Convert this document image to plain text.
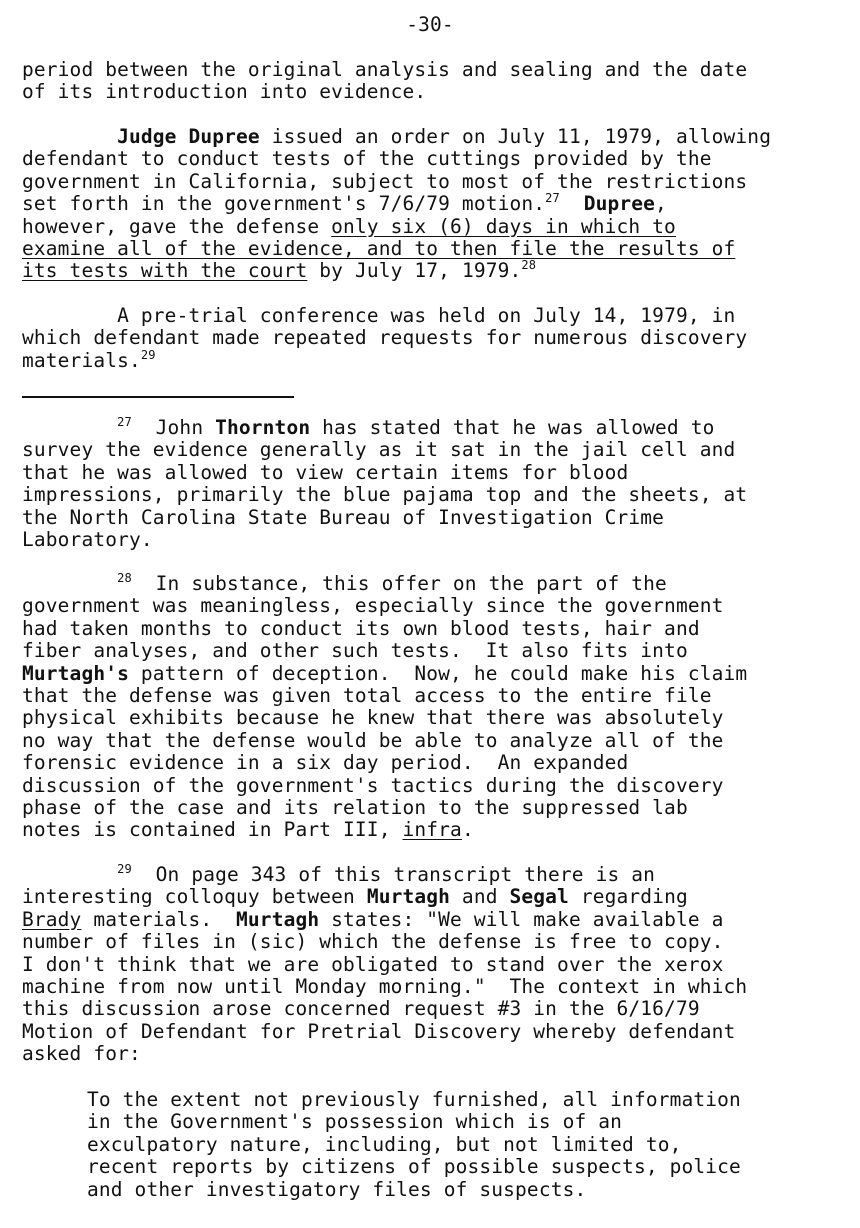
-30-
period between the original analysis and sealing and the date
of its introduction into evidence.
Judge Dupree issued an order on July 11, 1979, allowing
defendant to conduct tests of the cuttings provided by the
government in California, subject to most of the restrictions
set forth in the government's 7/6/79 motion.$^{27}$ Dupree,
however, gave the defense only six (6) days in which to
examine all of the evidence, and to then file the results of
its tests with the court by July 17, 1979.28
A pre-trial conference was held on July 14, 1979, in
which defendant made repeated requests for numerous discovery
materials.$^{29}$
$^{27}$ John Thornton has stated that he was allowed to
survey the evidence generally as it sat in the jail cell and
that he was allowed to view certain items for blood
impressions, primarily the blue pajama top and the sheets, at
the North Carolina State Bureau of Investigation Crime
Laboratory.
$^{28}$ In substance, this offer on the part of the
government was meaningless, especially since the government
had taken months to conduct its own blood tests, hair and
fiber analyses, and other such tests.  It also fits into
Murtagh's pattern of deception.  Now, he could make his claim
that the defense was given total access to the entire file
physical exhibits because he knew that there was absolutely
no way that the defense would be able to analyze all of the
forensic evidence in a six day period.  An expanded
discussion of the government's tactics during the discovery
phase of the case and its relation to the suppressed lab
notes is contained in Part III, infra.
$^{29}$ On page 343 of this transcript there is an
interesting colloquy between Murtagh and Segal regarding
Brady materials.  Murtagh states: "We will make available a
number of files in (sic) which the defense is free to copy.
I don't think that we are obligated to stand over the xerox
machine from now until Monday morning."  The context in which
this discussion arose concerned request #3 in the 6/16/79
Motion of Defendant for Pretrial Discovery whereby defendant
asked for:
To the extent not previously furnished, all information
in the Government's possession which is of an
exculpatory nature, including, but not limited to,
recent reports by citizens of possible suspects, police
and other investigatory files of suspects.
